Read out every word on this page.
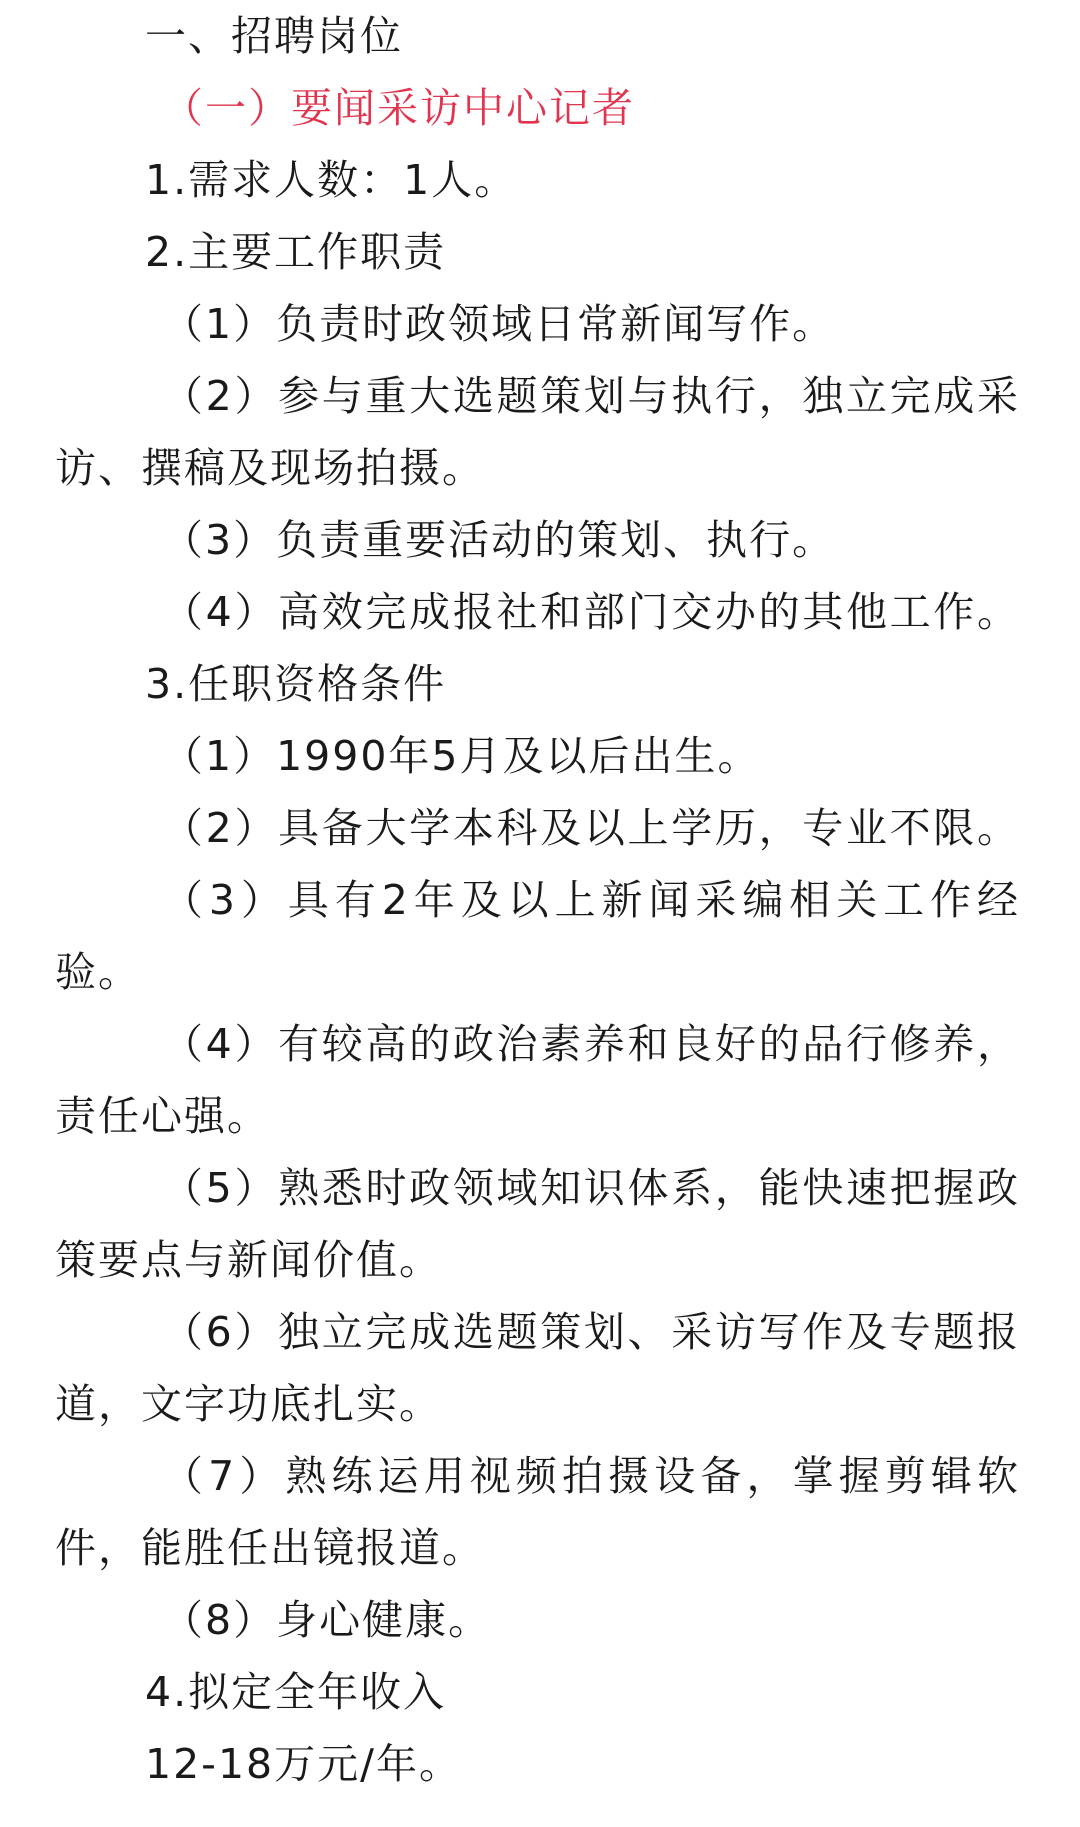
一、招聘岗位
（一）要闻采访中心记者
1.需求人数：1人。
2.主要工作职责
（1）负责时政领域日常新闻写作。
（2）参与重大选题策划与执行，独立完成采
访、撰稿及现场拍摄。
（3）负责重要活动的策划、执行。
（4）高效完成报社和部门交办的其他工作。
3.任职资格条件
（1）1990年5月及以后出生。
（2）具备大学本科及以上学历，专业不限。
（3）具有2年及以上新闻采编相关工作经
验。
（4）有较高的政治素养和良好的品行修养，
责任心强。
（5）熟悉时政领域知识体系，能快速把握政
策要点与新闻价值。
（6）独立完成选题策划、采访写作及专题报
道，文字功底扎实。
（7）熟练运用视频拍摄设备，掌握剪辑软
件，能胜任出镜报道。
（8）身心健康。
4.拟定全年收入
12-18万元/年。
